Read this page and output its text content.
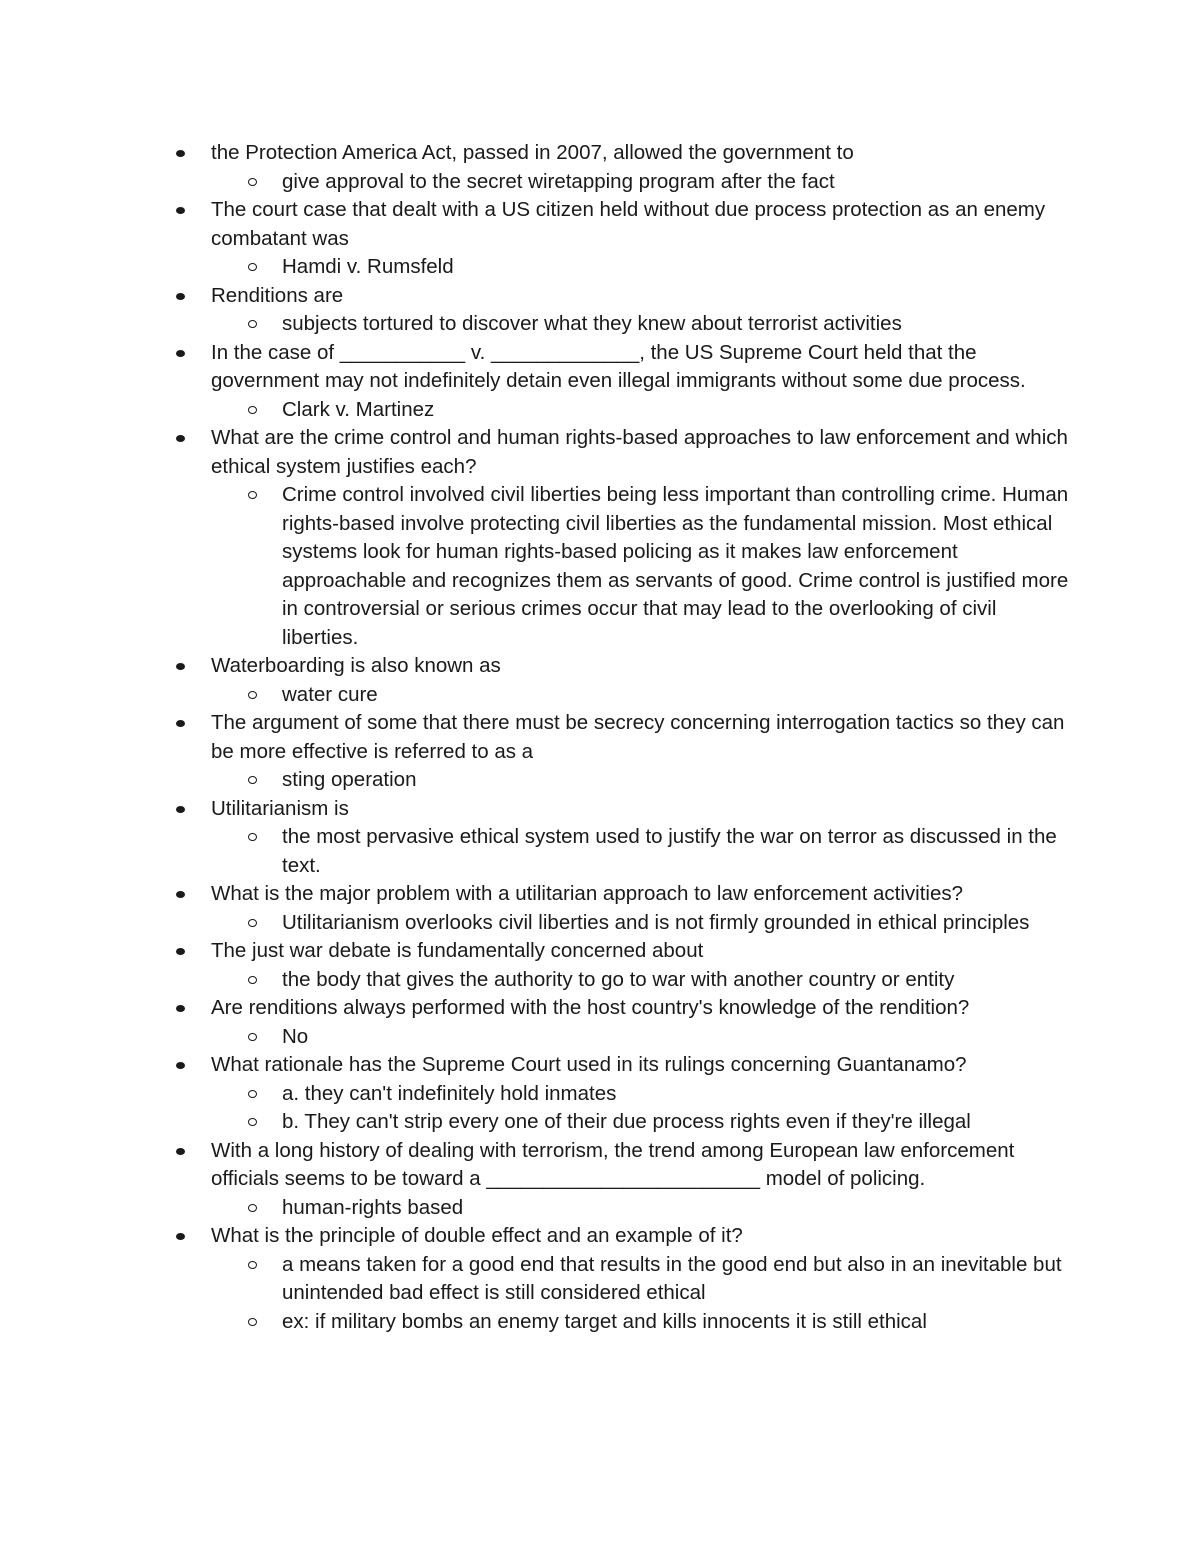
the Protection America Act, passed in 2007, allowed the government to
give approval to the secret wiretapping program after the fact
The court case that dealt with a US citizen held without due process protection as an enemy combatant was
Hamdi v. Rumsfeld
Renditions are
subjects tortured to discover what they knew about terrorist activities
In the case of ___________ v. _____________, the US Supreme Court held that the government may not indefinitely detain even illegal immigrants without some due process.
Clark v. Martinez
What are the crime control and human rights-based approaches to law enforcement and which ethical system justifies each?
Crime control involved civil liberties being less important than controlling crime. Human rights-based involve protecting civil liberties as the fundamental mission. Most ethical systems look for human rights-based policing as it makes law enforcement approachable and recognizes them as servants of good. Crime control is justified more in controversial or serious crimes occur that may lead to the overlooking of civil liberties.
Waterboarding is also known as
water cure
The argument of some that there must be secrecy concerning interrogation tactics so they can be more effective is referred to as a
sting operation
Utilitarianism is
the most pervasive ethical system used to justify the war on terror as discussed in the text.
What is the major problem with a utilitarian approach to law enforcement activities?
Utilitarianism overlooks civil liberties and is not firmly grounded in ethical principles
The just war debate is fundamentally concerned about
the body that gives the authority to go to war with another country or entity
Are renditions always performed with the host country's knowledge of the rendition?
No
What rationale has the Supreme Court used in its rulings concerning Guantanamo?
a. they can't indefinitely hold inmates
b. They can't strip every one of their due process rights even if they're illegal
With a long history of dealing with terrorism, the trend among European law enforcement officials seems to be toward a ________________________ model of policing.
human-rights based
What is the principle of double effect and an example of it?
a means taken for a good end that results in the good end but also in an inevitable but unintended bad effect is still considered ethical
ex: if military bombs an enemy target and kills innocents it is still ethical
